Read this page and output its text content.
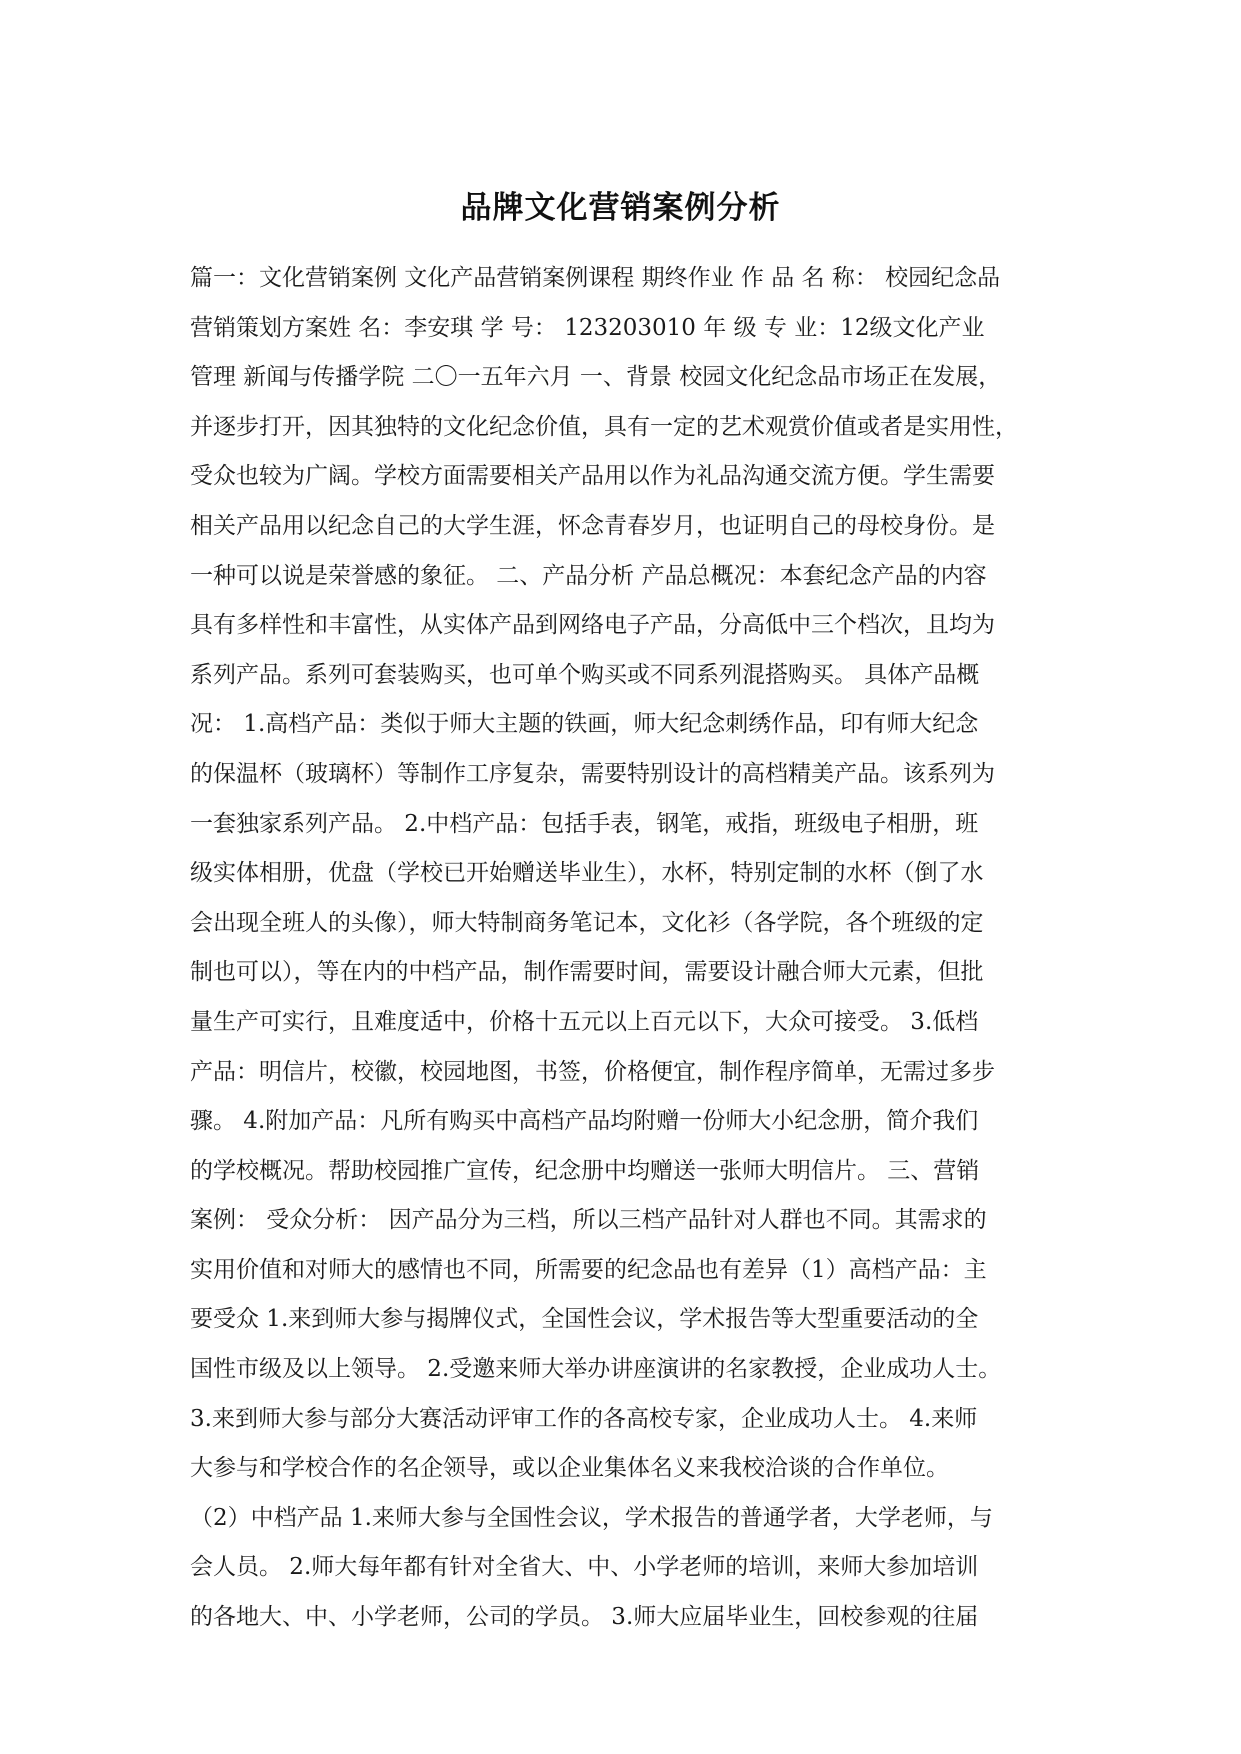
品牌文化营销案例分析
篇一：文化营销案例 文化产品营销案例课程 期终作业 作 品 名 称： 校园纪念品
营销策划方案姓 名：李安琪 学 号： 123203010 年 级 专 业：12级文化产业
管理 新闻与传播学院 二〇一五年六月 一、背景 校园文化纪念品市场正在发展，
并逐步打开，因其独特的文化纪念价值，具有一定的艺术观赏价值或者是实用性，
受众也较为广阔。学校方面需要相关产品用以作为礼品沟通交流方便。学生需要
相关产品用以纪念自己的大学生涯，怀念青春岁月，也证明自己的母校身份。是
一种可以说是荣誉感的象征。 二、产品分析 产品总概况：本套纪念产品的内容
具有多样性和丰富性，从实体产品到网络电子产品，分高低中三个档次，且均为
系列产品。系列可套装购买，也可单个购买或不同系列混搭购买。 具体产品概
况： 1.高档产品：类似于师大主题的铁画，师大纪念刺绣作品，印有师大纪念
的保温杯（玻璃杯）等制作工序复杂，需要特别设计的高档精美产品。该系列为
一套独家系列产品。 2.中档产品：包括手表，钢笔，戒指，班级电子相册，班
级实体相册，优盘（学校已开始赠送毕业生），水杯，特别定制的水杯（倒了水
会出现全班人的头像），师大特制商务笔记本，文化衫（各学院，各个班级的定
制也可以），等在内的中档产品，制作需要时间，需要设计融合师大元素，但批
量生产可实行，且难度适中，价格十五元以上百元以下，大众可接受。 3.低档
产品：明信片，校徽，校园地图，书签，价格便宜，制作程序简单，无需过多步
骤。 4.附加产品：凡所有购买中高档产品均附赠一份师大小纪念册，简介我们
的学校概况。帮助校园推广宣传，纪念册中均赠送一张师大明信片。 三、营销
案例： 受众分析： 因产品分为三档，所以三档产品针对人群也不同。其需求的
实用价值和对师大的感情也不同，所需要的纪念品也有差异（1）高档产品：主
要受众 1.来到师大参与揭牌仪式，全国性会议，学术报告等大型重要活动的全
国性市级及以上领导。 2.受邀来师大举办讲座演讲的名家教授，企业成功人士。
3.来到师大参与部分大赛活动评审工作的各高校专家，企业成功人士。 4.来师
大参与和学校合作的名企领导，或以企业集体名义来我校洽谈的合作单位。
（2）中档产品 1.来师大参与全国性会议，学术报告的普通学者，大学老师，与
会人员。 2.师大每年都有针对全省大、中、小学老师的培训，来师大参加培训
的各地大、中、小学老师，公司的学员。 3.师大应届毕业生，回校参观的往届
